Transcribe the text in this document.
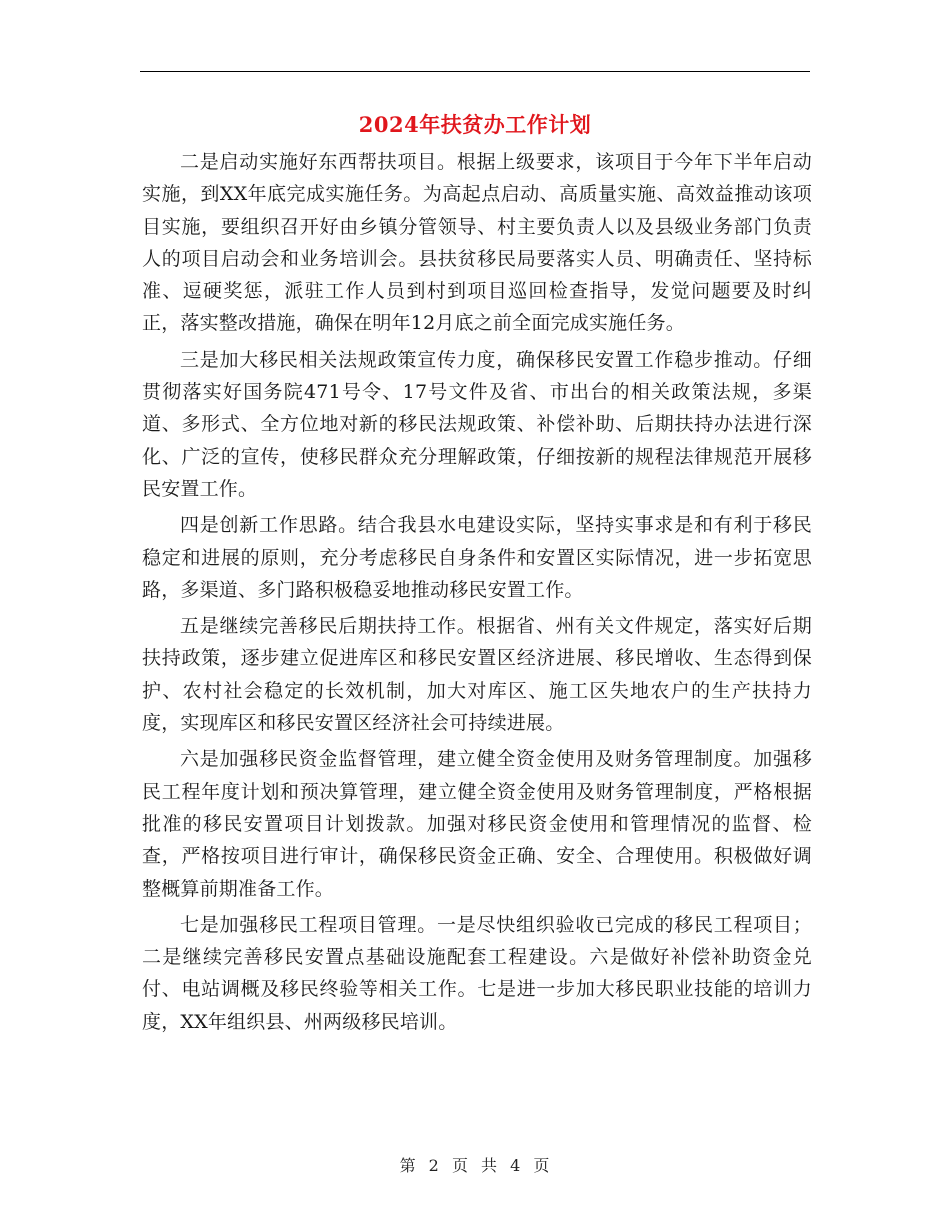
2024年扶贫办工作计划

二是启动实施好东西帮扶项目。根据上级要求，该项目于今年下半年启动实施，到XX年底完成实施任务。为高起点启动、高质量实施、高效益推动该项目实施，要组织召开好由乡镇分管领导、村主要负责人以及县级业务部门负责人的项目启动会和业务培训会。县扶贫移民局要落实人员、明确责任、坚持标准、逗硬奖惩，派驻工作人员到村到项目巡回检查指导，发觉问题要及时纠正，落实整改措施，确保在明年12月底之前全面完成实施任务。

三是加大移民相关法规政策宣传力度，确保移民安置工作稳步推动。仔细贯彻落实好国务院471号令、17号文件及省、市出台的相关政策法规，多渠道、多形式、全方位地对新的移民法规政策、补偿补助、后期扶持办法进行深化、广泛的宣传，使移民群众充分理解政策，仔细按新的规程法律规范开展移民安置工作。

四是创新工作思路。结合我县水电建设实际，坚持实事求是和有利于移民稳定和进展的原则，充分考虑移民自身条件和安置区实际情况，进一步拓宽思路，多渠道、多门路积极稳妥地推动移民安置工作。

五是继续完善移民后期扶持工作。根据省、州有关文件规定，落实好后期扶持政策，逐步建立促进库区和移民安置区经济进展、移民增收、生态得到保护、农村社会稳定的长效机制，加大对库区、施工区失地农户的生产扶持力度，实现库区和移民安置区经济社会可持续进展。

六是加强移民资金监督管理，建立健全资金使用及财务管理制度。加强移民工程年度计划和预决算管理，建立健全资金使用及财务管理制度，严格根据批准的移民安置项目计划拨款。加强对移民资金使用和管理情况的监督、检查，严格按项目进行审计，确保移民资金正确、安全、合理使用。积极做好调整概算前期准备工作。

七是加强移民工程项目管理。一是尽快组织验收已完成的移民工程项目；二是继续完善移民安置点基础设施配套工程建设。六是做好补偿补助资金兑付、电站调概及移民终验等相关工作。七是进一步加大移民职业技能的培训力度，XX年组织县、州两级移民培训。

第 2 页 共 4 页
